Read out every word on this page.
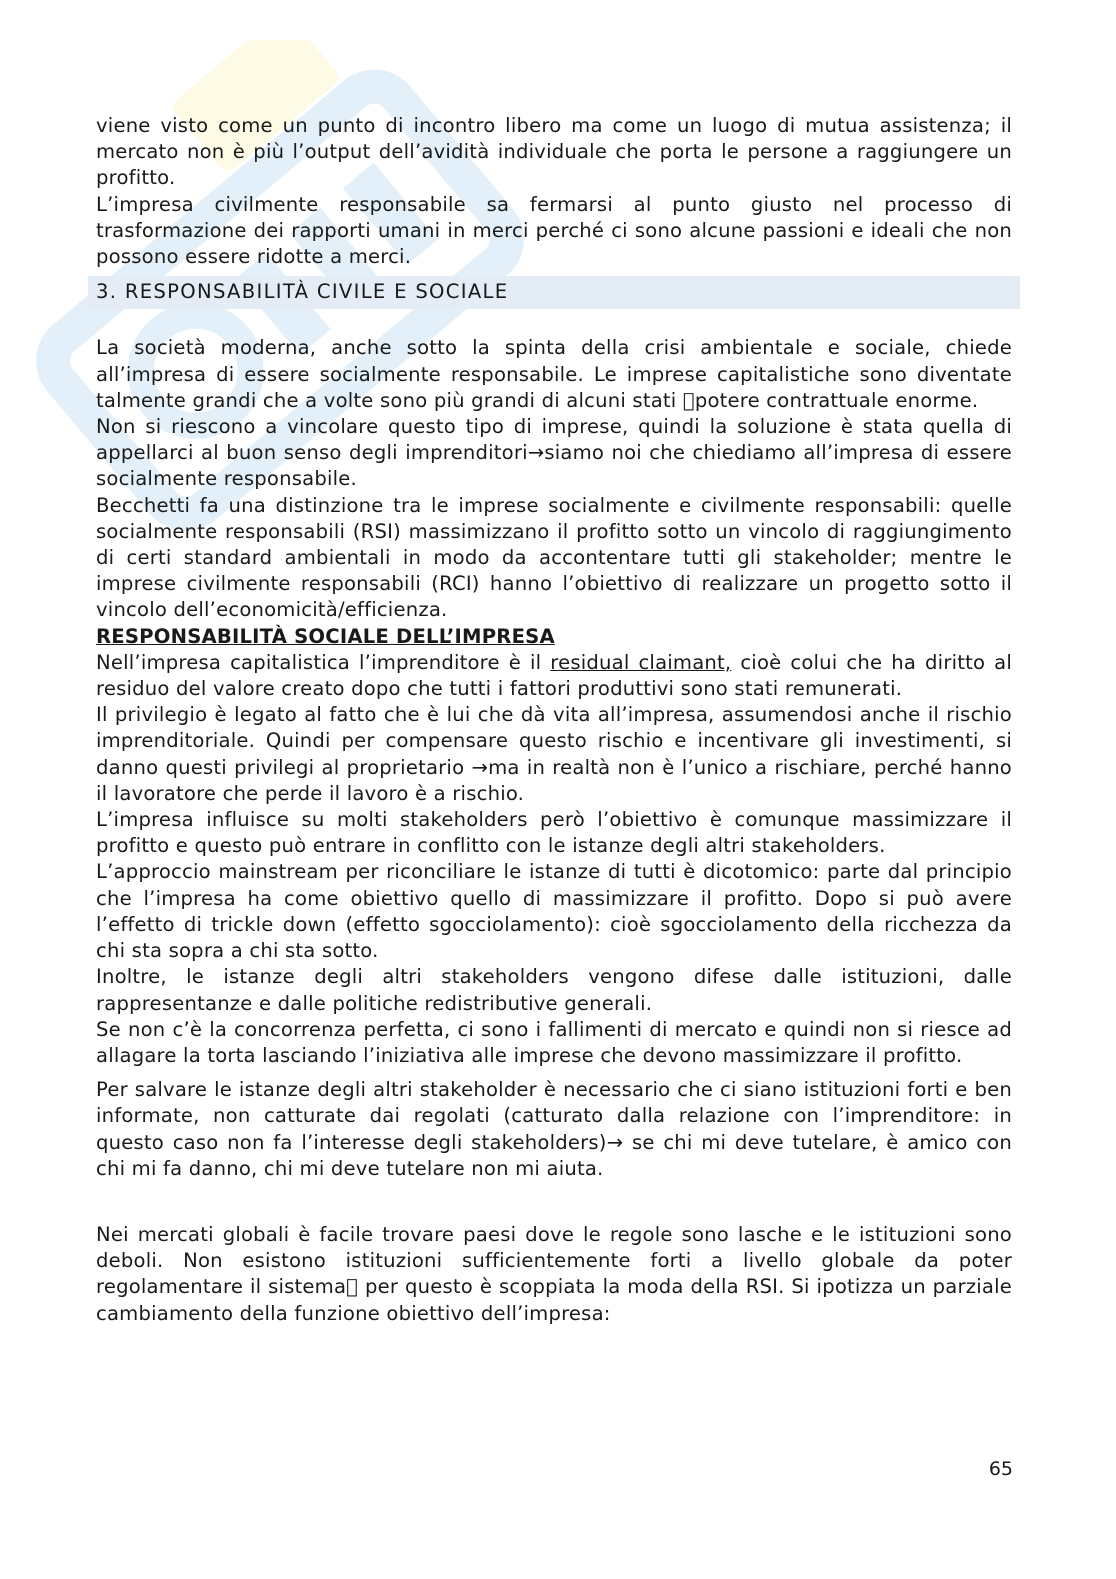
viene visto come un punto di incontro libero ma come un luogo di mutua assistenza; il mercato non è più l’output dell’avidità individuale che porta le persone a raggiungere un profitto.

L’impresa civilmente responsabile sa fermarsi al punto giusto nel processo di trasformazione dei rapporti umani in merci perché ci sono alcune passioni e ideali che non possono essere ridotte a merci.

3. RESPONSABILITÀ CIVILE E SOCIALE

La società moderna, anche sotto la spinta della crisi ambientale e sociale, chiede all’impresa di essere socialmente responsabile. Le imprese capitalistiche sono diventate talmente grandi che a volte sono più grandi di alcuni stati potere contrattuale enorme.

Non si riescono a vincolare questo tipo di imprese, quindi la soluzione è stata quella di appellarci al buon senso degli imprenditori→siamo noi che chiediamo all’impresa di essere socialmente responsabile.

Becchetti fa una distinzione tra le imprese socialmente e civilmente responsabili: quelle socialmente responsabili (RSI) massimizzano il profitto sotto un vincolo di raggiungimento di certi standard ambientali in modo da accontentare tutti gli stakeholder; mentre le imprese civilmente responsabili (RCI) hanno l’obiettivo di realizzare un progetto sotto il vincolo dell’economicità/efficienza.

RESPONSABILITÀ SOCIALE DELL’IMPRESA

Nell’impresa capitalistica l’imprenditore è il residual claimant, cioè colui che ha diritto al residuo del valore creato dopo che tutti i fattori produttivi sono stati remunerati.

Il privilegio è legato al fatto che è lui che dà vita all’impresa, assumendosi anche il rischio imprenditoriale. Quindi per compensare questo rischio e incentivare gli investimenti, si danno questi privilegi al proprietario →ma in realtà non è l’unico a rischiare, perché hanno il lavoratore che perde il lavoro è a rischio.

L’impresa influisce su molti stakeholders però l’obiettivo è comunque massimizzare il profitto e questo può entrare in conflitto con le istanze degli altri stakeholders.

L’approccio mainstream per riconciliare le istanze di tutti è dicotomico: parte dal principio che l’impresa ha come obiettivo quello di massimizzare il profitto. Dopo si può avere l’effetto di trickle down (effetto sgocciolamento): cioè sgocciolamento della ricchezza da chi sta sopra a chi sta sotto.

Inoltre, le istanze degli altri stakeholders vengono difese dalle istituzioni, dalle rappresentanze e dalle politiche redistributive generali.

Se non c’è la concorrenza perfetta, ci sono i fallimenti di mercato e quindi non si riesce ad allagare la torta lasciando l’iniziativa alle imprese che devono massimizzare il profitto.

Per salvare le istanze degli altri stakeholder è necessario che ci siano istituzioni forti e ben informate, non catturate dai regolati (catturato dalla relazione con l’imprenditore: in questo caso non fa l’interesse degli stakeholders)→ se chi mi deve tutelare, è amico con chi mi fa danno, chi mi deve tutelare non mi aiuta.

Nei mercati globali è facile trovare paesi dove le regole sono lasche e le istituzioni sono deboli. Non esistono istituzioni sufficientemente forti a livello globale da poter regolamentare il sistema per questo è scoppiata la moda della RSI. Si ipotizza un parziale cambiamento della funzione obiettivo dell’impresa:

65
